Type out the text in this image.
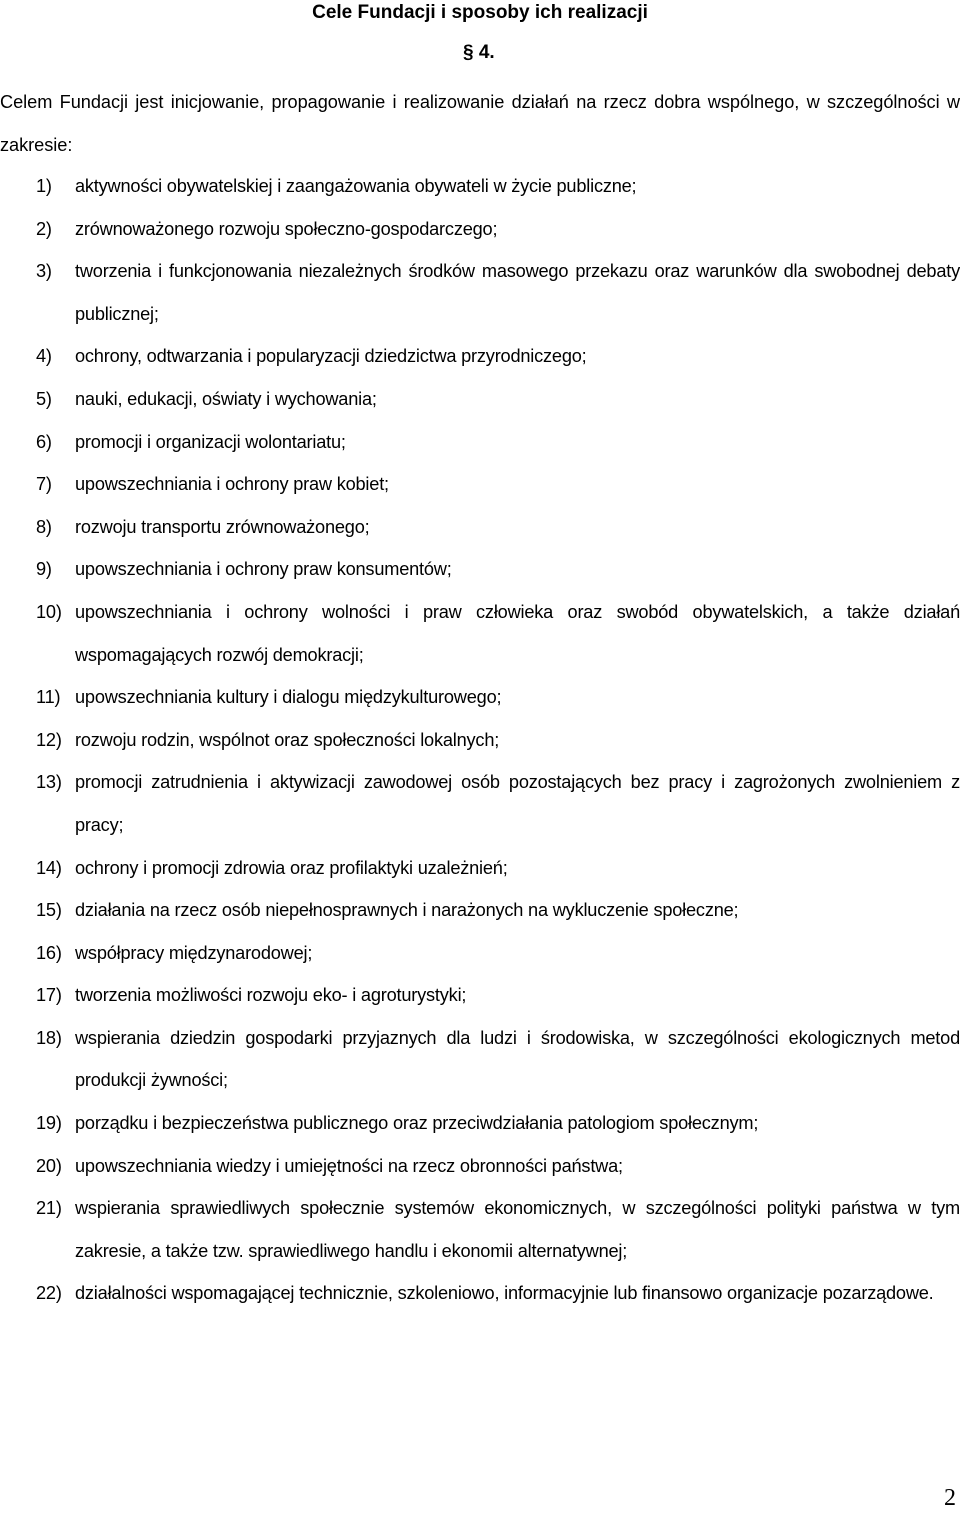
Cele Fundacji i sposoby ich realizacji
§ 4.
Celem Fundacji jest inicjowanie, propagowanie i realizowanie działań na rzecz dobra wspólnego, w szczególności w zakresie:
1) aktywności obywatelskiej i zaangażowania obywateli w życie publiczne;
2) zrównoważonego rozwoju społeczno-gospodarczego;
3) tworzenia i funkcjonowania niezależnych środków masowego przekazu oraz warunków dla swobodnej debaty publicznej;
4) ochrony, odtwarzania i popularyzacji dziedzictwa przyrodniczego;
5) nauki, edukacji, oświaty i wychowania;
6) promocji i organizacji wolontariatu;
7) upowszechniania i ochrony praw kobiet;
8) rozwoju transportu zrównoważonego;
9) upowszechniania i ochrony praw konsumentów;
10) upowszechniania i ochrony wolności i praw człowieka oraz swobód obywatelskich, a także działań wspomagających rozwój demokracji;
11) upowszechniania kultury i dialogu międzykulturowego;
12) rozwoju rodzin, wspólnot oraz społeczności lokalnych;
13) promocji zatrudnienia i aktywizacji zawodowej osób pozostających bez pracy i zagrożonych zwolnieniem z pracy;
14) ochrony i promocji zdrowia oraz profilaktyki uzależnień;
15) działania na rzecz osób niepełnosprawnych i narażonych na wykluczenie społeczne;
16) współpracy międzynarodowej;
17) tworzenia możliwości rozwoju eko- i agroturystyki;
18) wspierania dziedzin gospodarki przyjaznych dla ludzi i środowiska, w szczególności ekologicznych metod produkcji żywności;
19) porządku i bezpieczeństwa publicznego oraz przeciwdziałania patologiom społecznym;
20) upowszechniania wiedzy i umiejętności na rzecz obronności państwa;
21) wspierania sprawiedliwych społecznie systemów ekonomicznych, w szczególności polityki państwa w tym zakresie, a także tzw. sprawiedliwego handlu i ekonomii alternatywnej;
22) działalności wspomagającej technicznie, szkoleniowo, informacyjnie lub finansowo organizacje pozarządowe.
2
